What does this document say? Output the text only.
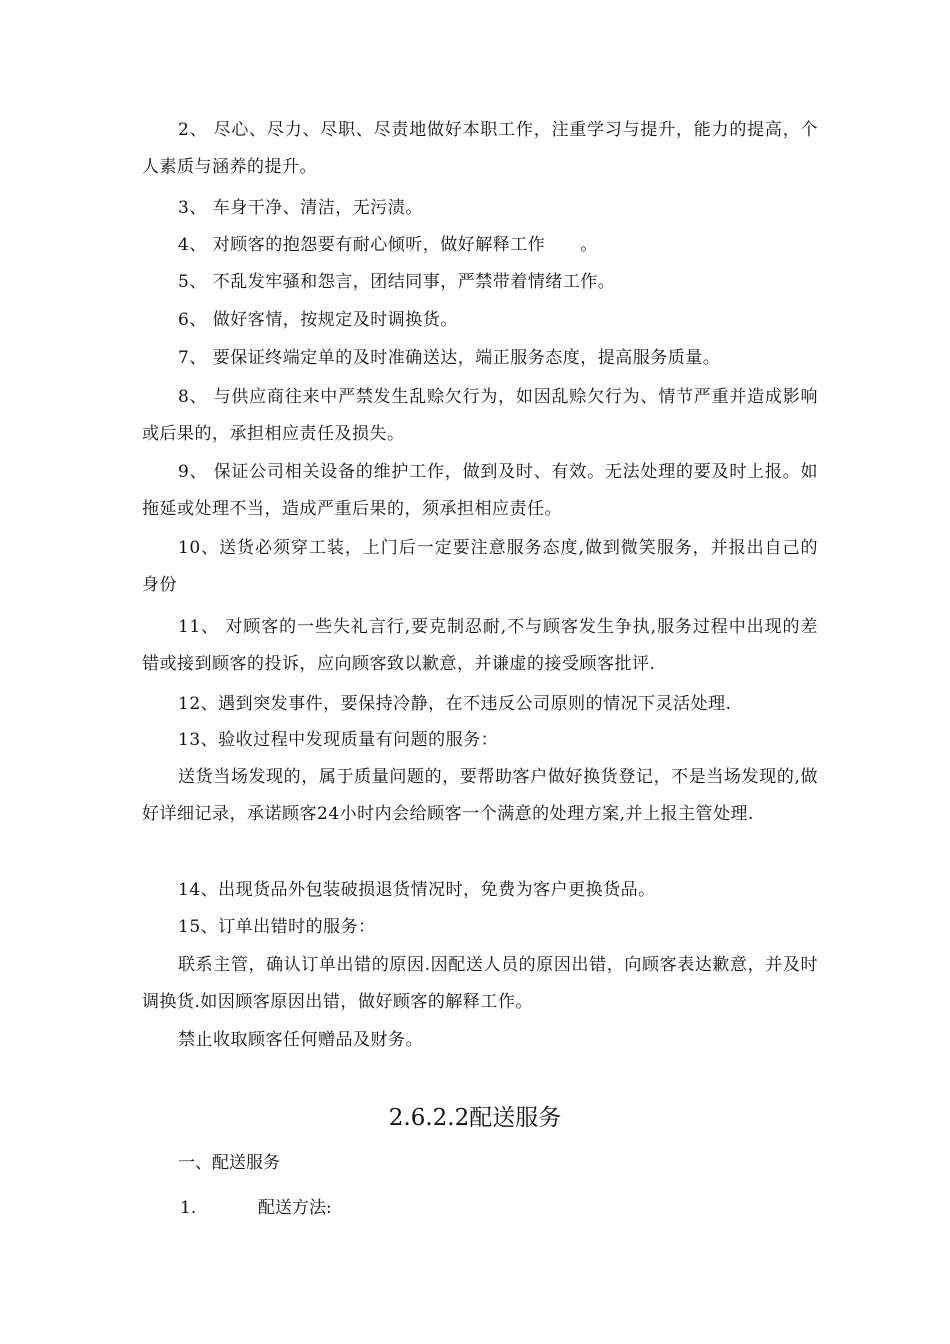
2、 尽心、尽力、尽职、尽责地做好本职工作，注重学习与提升，能力的提高，个人素质与涵养的提升。

3、 车身干净、清洁，无污渍。

4、 对顾客的抱怨要有耐心倾听，做好解释工作　　。

5、 不乱发牢骚和怨言，团结同事，严禁带着情绪工作。

6、 做好客情，按规定及时调换货。

7、 要保证终端定单的及时准确送达，端正服务态度，提高服务质量。

8、 与供应商往来中严禁发生乱赊欠行为，如因乱赊欠行为、情节严重并造成影响或后果的，承担相应责任及损失。

9、 保证公司相关设备的维护工作，做到及时、有效。无法处理的要及时上报。如拖延或处理不当，造成严重后果的，须承担相应责任。

10、送货必须穿工装，上门后一定要注意服务态度,做到微笑服务，并报出自己的身份

11、 对顾客的一些失礼言行,要克制忍耐,不与顾客发生争执,服务过程中出现的差错或接到顾客的投诉，应向顾客致以歉意，并谦虚的接受顾客批评.

12、遇到突发事件，要保持冷静，在不违反公司原则的情况下灵活处理.

13、验收过程中发现质量有问题的服务：

送货当场发现的，属于质量问题的，要帮助客户做好换货登记，不是当场发现的,做好详细记录，承诺顾客24小时内会给顾客一个满意的处理方案,并上报主管处理.

14、出现货品外包装破损退货情况时，免费为客户更换货品。

15、订单出错时的服务：

联系主管，确认订单出错的原因.因配送人员的原因出错，向顾客表达歉意，并及时调换货.如因顾客原因出错，做好顾客的解释工作。

禁止收取顾客任何赠品及财务。

2.6.2.2配送服务

一、配送服务

1.	配送方法:
